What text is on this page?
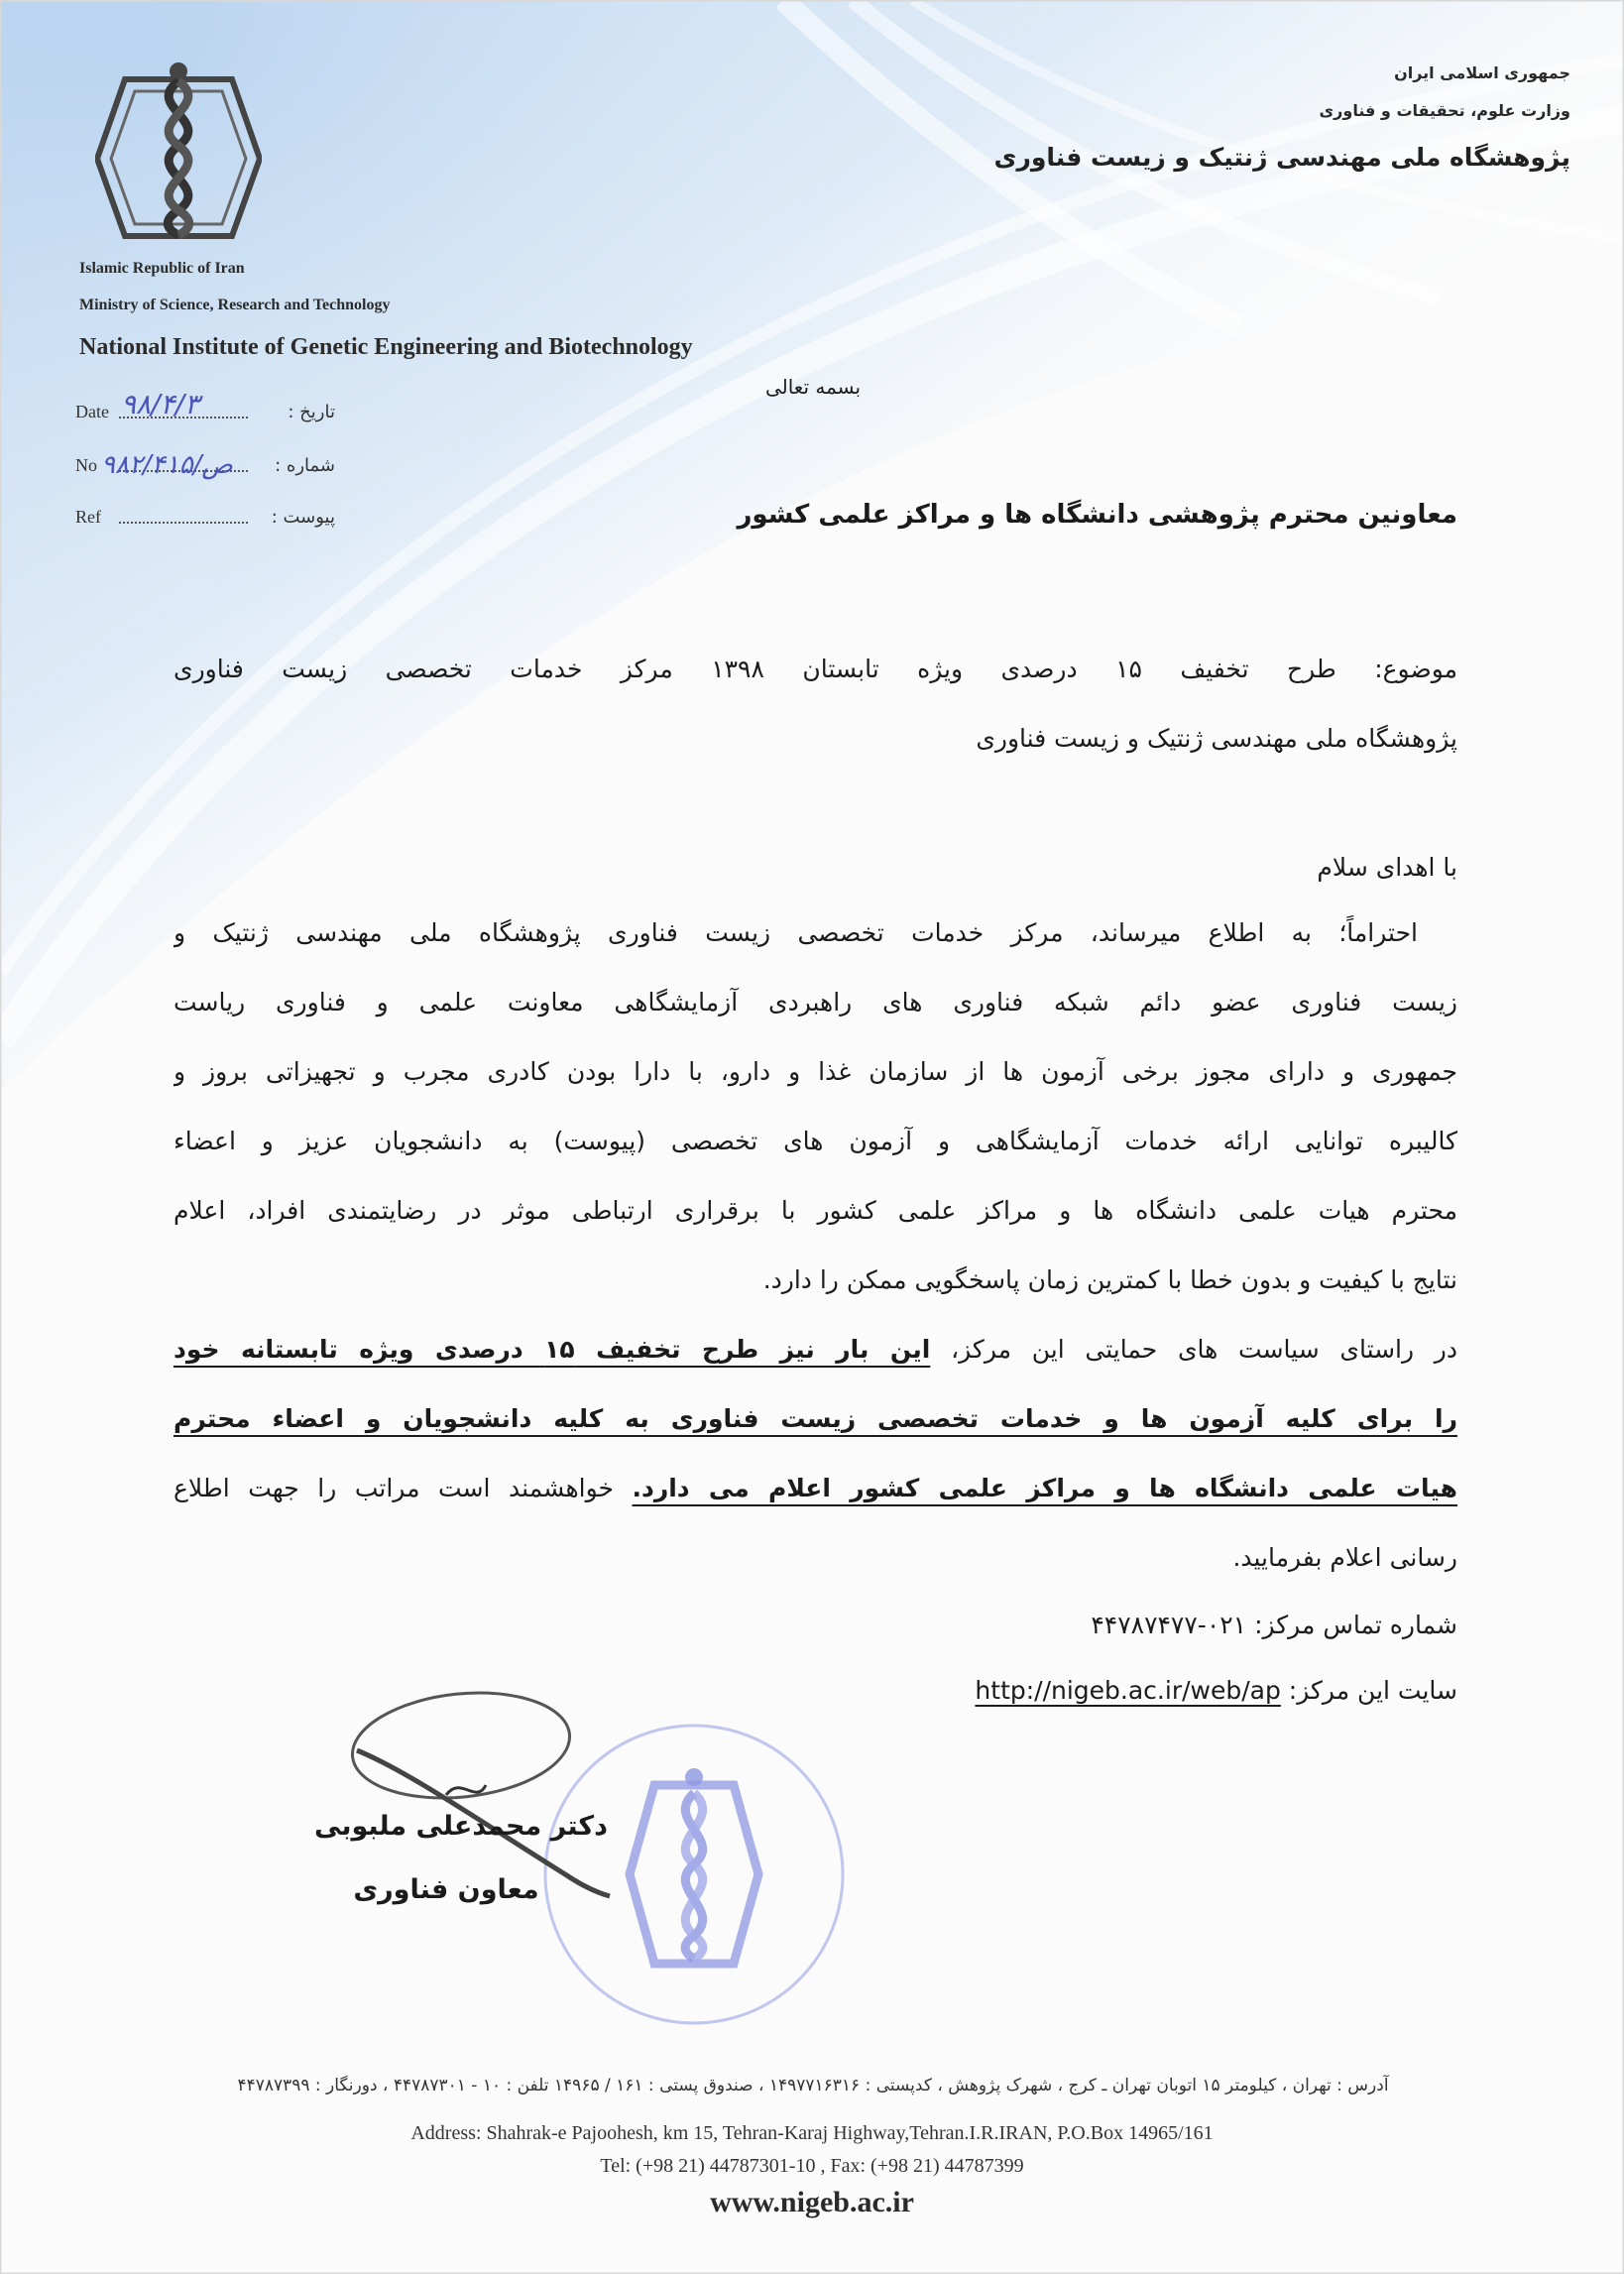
Islamic Republic of Iran
Ministry of Science, Research and Technology
National Institute of Genetic Engineering and Biotechnology
جمهوری اسلامی ایران
وزارت علوم، تحقیقات و فناوری
پژوهشگاه ملی مهندسی ژنتیک و زیست فناوری
Date	تاریخ :
۹۸/۴/۳
No	شماره :
۹۸ص/۲/۴۱۵
Ref	پیوست :
بسمه تعالی
معاونین محترم پژوهشی دانشگاه ها و مراکز علمی کشور
موضوع: طرح تخفیف ۱۵ درصدی ویژه تابستان ۱۳۹۸ مرکز خدمات تخصصی زیست فناوری
پژوهشگاه ملی مهندسی ژنتیک و زیست فناوری
با اهدای سلام
احتراماً؛ به اطلاع میرساند، مرکز خدمات تخصصی زیست فناوری پژوهشگاه ملی مهندسی ژنتیک و
زیست فناوری عضو دائم شبکه فناوری های راهبردی آزمایشگاهی معاونت علمی و فناوری ریاست
جمهوری و دارای مجوز برخی آزمون ها از سازمان غذا و دارو، با دارا بودن کادری مجرب و تجهیزاتی بروز و
کالیبره توانایی ارائه خدمات آزمایشگاهی و آزمون های تخصصی (پیوست) به دانشجویان عزیز و اعضاء
محترم هیات علمی دانشگاه ها و مراکز علمی کشور با برقراری ارتباطی موثر در رضایتمندی افراد، اعلام
نتایج با کیفیت و بدون خطا با کمترین زمان پاسخگویی ممکن را دارد.
در راستای سیاست های حمایتی این مرکز، این بار نیز طرح تخفیف ۱۵ درصدی ویژه تابستانه خود
را برای کلیه آزمون ها و خدمات تخصصی زیست فناوری به کلیه دانشجویان و اعضاء محترم
هیات علمی دانشگاه ها و مراکز علمی کشور اعلام می دارد. خواهشمند است مراتب را جهت اطلاع
رسانی اعلام بفرمایید.
شماره تماس مرکز: ۰۲۱-۴۴۷۸۷۴۷۷
سایت این مرکز: http://nigeb.ac.ir/web/ap
دکتر محمدعلی ملبوبی
معاون فناوری
آدرس : تهران ، کیلومتر ۱۵ اتوبان تهران ـ کرج ، شهرک پژوهش ، کدپستی : ۱۴۹۷۷۱۶۳۱۶ ، صندوق پستی : ۱۶۱ / ۱۴۹۶۵ تلفن : ۱۰ - ۴۴۷۸۷۳۰۱ ، دورنگار : ۴۴۷۸۷۳۹۹
Address: Shahrak-e Pajoohesh, km 15, Tehran-Karaj Highway,Tehran.I.R.IRAN, P.O.Box 14965/161
Tel: (+98 21) 44787301-10 , Fax: (+98 21) 44787399
www.nigeb.ac.ir
